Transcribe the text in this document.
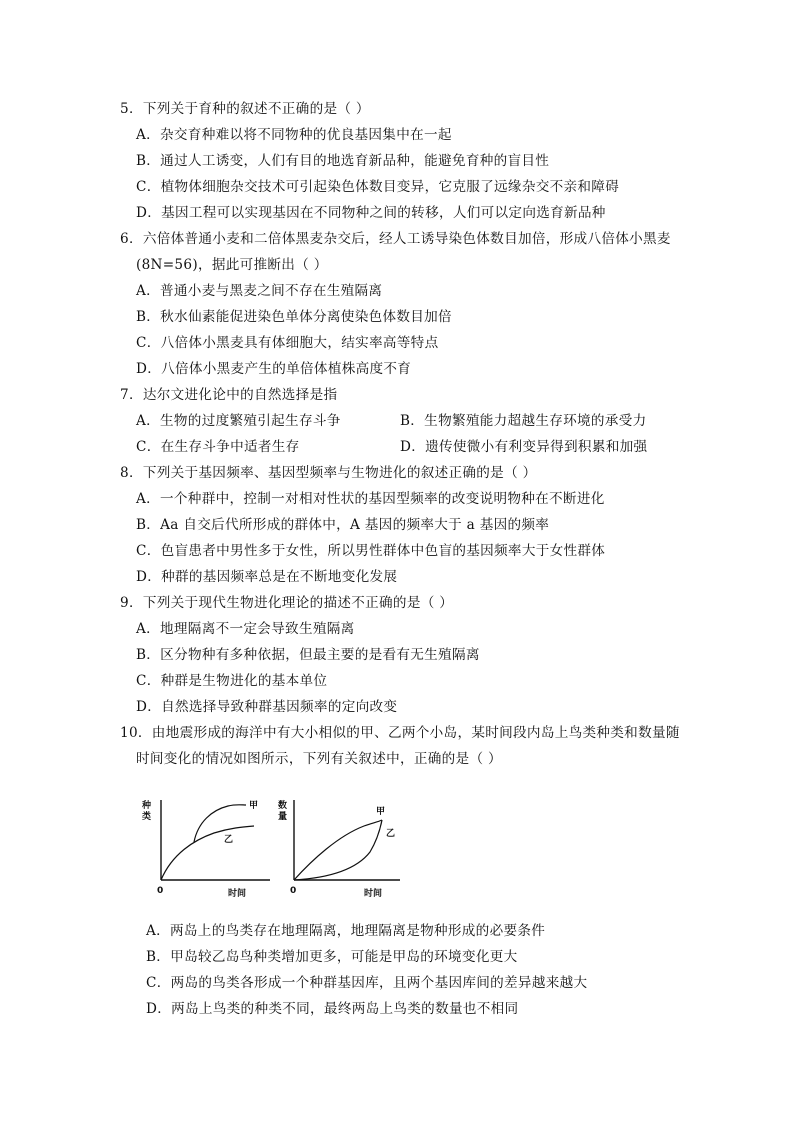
5．下列关于育种的叙述不正确的是（ ）
A．杂交育种难以将不同物种的优良基因集中在一起
B．通过人工诱变，人们有目的地选育新品种，能避免育种的盲目性
C．植物体细胞杂交技术可引起染色体数目变异，它克服了远缘杂交不亲和障碍
D．基因工程可以实现基因在不同物种之间的转移，人们可以定向选育新品种
6．六倍体普通小麦和二倍体黑麦杂交后，经人工诱导染色体数目加倍，形成八倍体小黑麦
(8N=56)，据此可推断出（ ）
A．普通小麦与黑麦之间不存在生殖隔离
B．秋水仙素能促进染色单体分离使染色体数目加倍
C．八倍体小黑麦具有体细胞大，结实率高等特点
D．八倍体小黑麦产生的单倍体植株高度不育
7．达尔文进化论中的自然选择是指
A．生物的过度繁殖引起生存斗争	B．生物繁殖能力超越生存环境的承受力
C．在生存斗争中适者生存	D．遗传使微小有利变异得到积累和加强
8．下列关于基因频率、基因型频率与生物进化的叙述正确的是（ ）
A．一个种群中，控制一对相对性状的基因型频率的改变说明物种在不断进化
B．Aa 自交后代所形成的群体中，A 基因的频率大于 a 基因的频率
C．色盲患者中男性多于女性，所以男性群体中色盲的基因频率大于女性群体
D．种群的基因频率总是在不断地变化发展
9．下列关于现代生物进化理论的描述不正确的是（ ）
A．地理隔离不一定会导致生殖隔离
B．区分物种有多种依据，但最主要的是看有无生殖隔离
C．种群是生物进化的基本单位
D．自然选择导致种群基因频率的定向改变
10．由地震形成的海洋中有大小相似的甲、乙两个小岛，某时间段内岛上鸟类种类和数量随
时间变化的情况如图所示，下列有关叙述中，正确的是（ ）
种
类
0	时间
甲
乙
数
量
0	时间
甲
乙
A．两岛上的鸟类存在地理隔离，地理隔离是物种形成的必要条件
B．甲岛较乙岛鸟种类增加更多，可能是甲岛的环境变化更大
C．两岛的鸟类各形成一个种群基因库，且两个基因库间的差异越来越大
D．两岛上鸟类的种类不同，最终两岛上鸟类的数量也不相同
